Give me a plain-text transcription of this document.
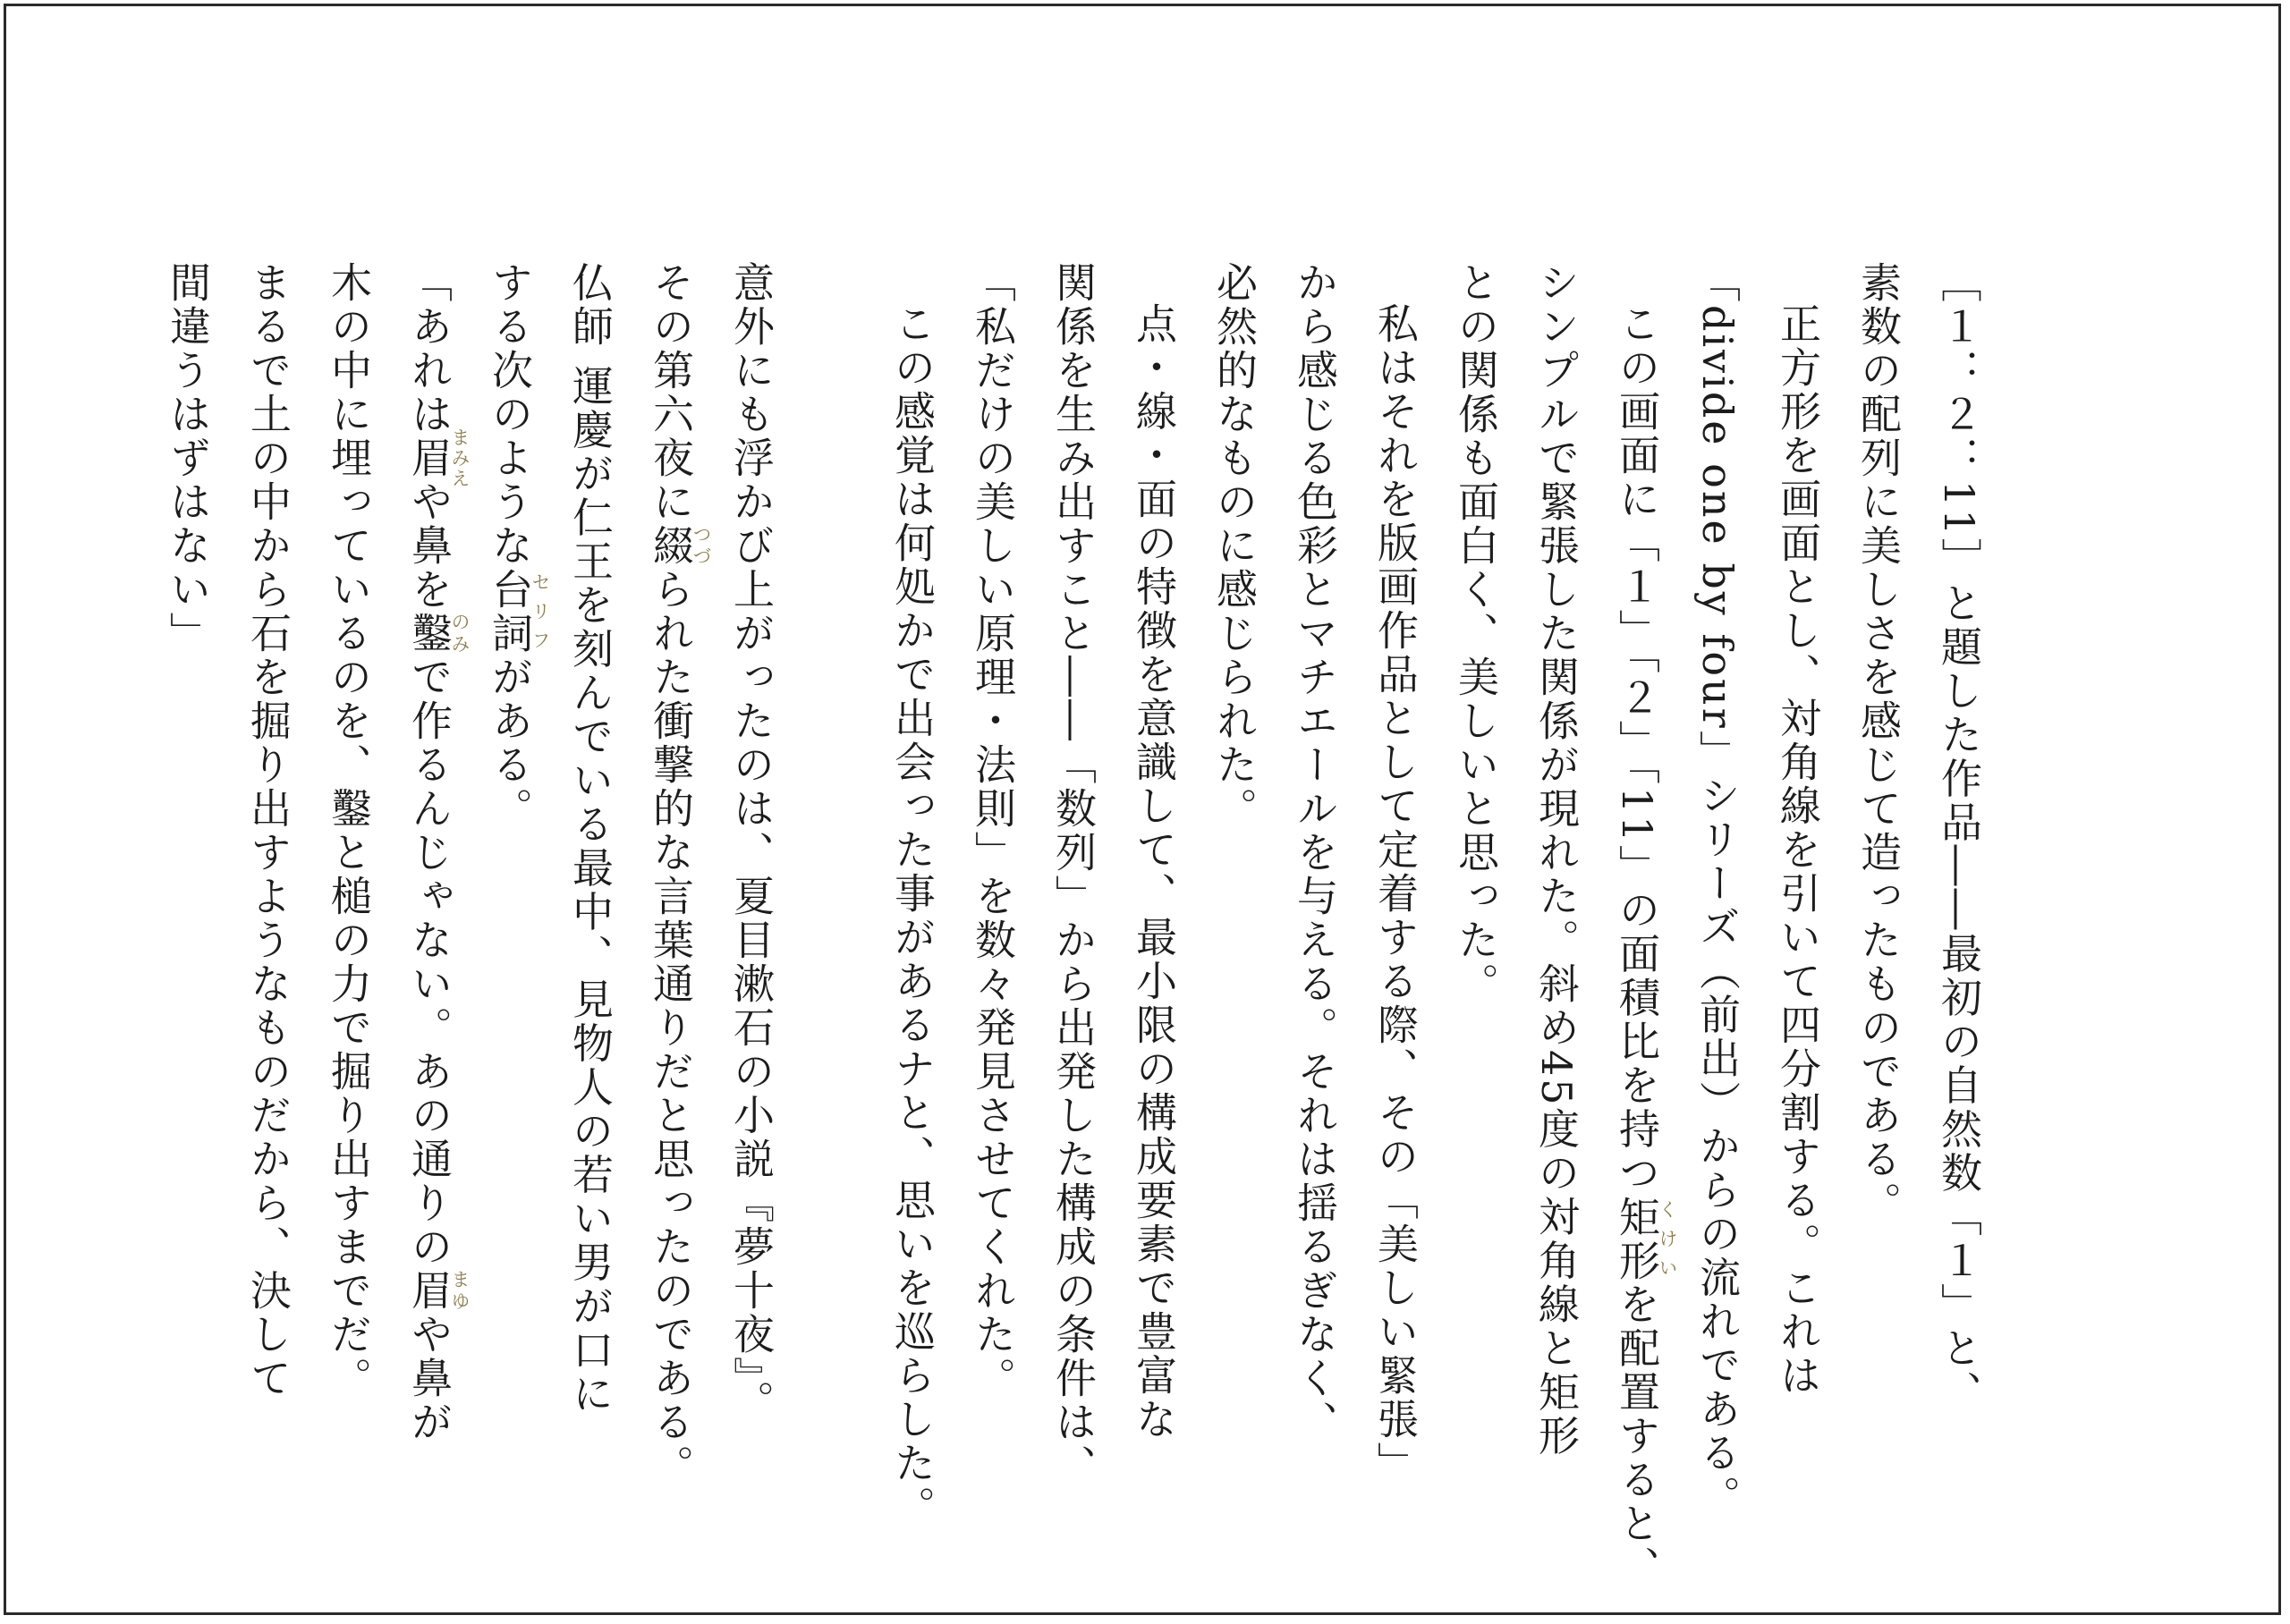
［１：２：11］と題した作品――最初の自然数「１」と、
素数の配列に美しさを感じて造ったものである。
正方形を画面とし、対角線を引いて四分割する。これは
「divide one by four」シリーズ（前出）からの流れである。
この画面に「１」「２」「11」の面積比を持つ矩形くけいを配置すると、
シンプルで緊張した関係が現れた。斜め45度の対角線と矩形
との関係も面白く、美しいと思った。
私はそれを版画作品として定着する際、その「美しい緊張」
から感じる色彩とマチエールを与える。それは揺るぎなく、
必然的なものに感じられた。
点・線・面の特徴を意識して、最小限の構成要素で豊富な
関係を生み出すこと――「数列」から出発した構成の条件は、
「私だけの美しい原理・法則」を数々発見させてくれた。
この感覚は何処かで出会った事があるナと、思いを巡らした。
意外にも浮かび上がったのは、夏目漱石の小説『夢十夜』。
その第六夜に綴つづられた衝撃的な言葉通りだと思ったのである。
仏師 運慶が仁王を刻んでいる最中、見物人の若い男が口に
する次のような台詞セリフがある。
「あれは眉まみえや鼻を鑿のみで作るんじゃない。あの通りの眉まゆや鼻が
木の中に埋っているのを、鑿と槌の力で掘り出すまでだ。
まるで土の中から石を掘り出すようなものだから、決して
間違うはずはない」
